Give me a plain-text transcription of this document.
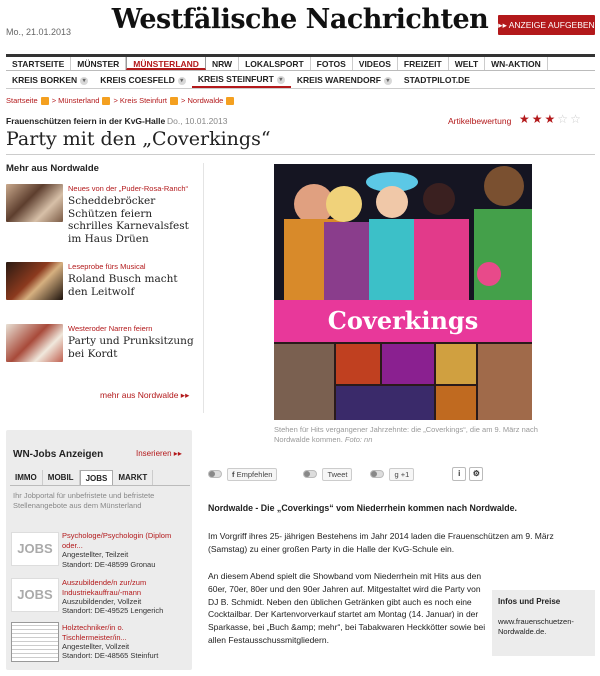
Mo., 21.01.2013	Westfälische Nachrichten	▸▸ ANZEIGE AUFGEBEN
STARTSEITE	MÜNSTER	MÜNSTERLAND	NRW	LOKALSPORT	FOTOS	VIDEOS	FREIZEIT	WELT	WN-AKTION
KREIS BORKEN ▾ KREIS COESFELD ▾ KREIS STEINFURT ▾ KREIS WARENDORF ▾	STADTPILOT.DE
Startseite > Münsterland > Kreis Steinfurt > Nordwalde
Frauenschützen feiern in der KvG-Halle Do., 10.01.2013	Artikelbewertung ★★★☆☆
Party mit den „Coverkings“
Mehr aus Nordwalde
Neues von der „Puder-Rosa-Ranch“
Scheddebröcker Schützen feiern schrilles Karnevalsfest im Haus Drüen
Leseprobe fürs Musical
Roland Busch macht den Leitwolf
Westeroder Narren feiern
Party und Prunksitzung bei Kordt
mehr aus Nordwalde ▸▸
WN-Jobs Anzeigen	Inserieren ▸▸
IMMO	MOBIL	JOBS	MARKT
Ihr Jobportal für unbefristete und befristete Stellenangebote aus dem Münsterland
JOBS
Psychologe/Psychologin (Diplom oder...
Angestellter, Teilzeit
Standort: DE-48599 Gronau
JOBS
Auszubildende/n zur/zum Industriekauffrau/-mann
Auszubildender, Vollzeit
Standort: DE-49525 Lengerich
Holztechniker/in o. Tischlermeister/in...
Angestellter, Vollzeit
Standort: DE-48565 Steinfurt
Coverkings
Stehen für Hits vergangener Jahrzehnte: die „Coverkings“, die am 9. März nach Nordwalde kommen. Foto: nn
f Empfehlen	Tweet	g +1	i	⚙
Nordwalde - Die „Coverkings“ vom Niederrhein kommen nach Nordwalde.
Im Vorgriff ihres 25- jährigen Bestehens im Jahr 2014 laden die Frauenschützen am 9. März (Samstag) zu einer großen Party in die Halle der KvG-Schule ein.
An diesem Abend spielt die Showband vom Niederrhein mit Hits aus den 60er, 70er, 80er und den 90er Jahren auf. Mitgestaltet wird die Party von DJ B. Schmidt. Neben den üblichen Getränken gibt auch es noch eine Cocktailbar. Der Kartenvorverkauf startet am Montag (14. Januar) in der Sparkasse, bei „Buch &amp; mehr“, bei Tabakwaren Heckkötter sowie bei allen Festausschussmitgliedern.
Infos und Preise
www.frauenschuetzen-Nordwalde.de.
